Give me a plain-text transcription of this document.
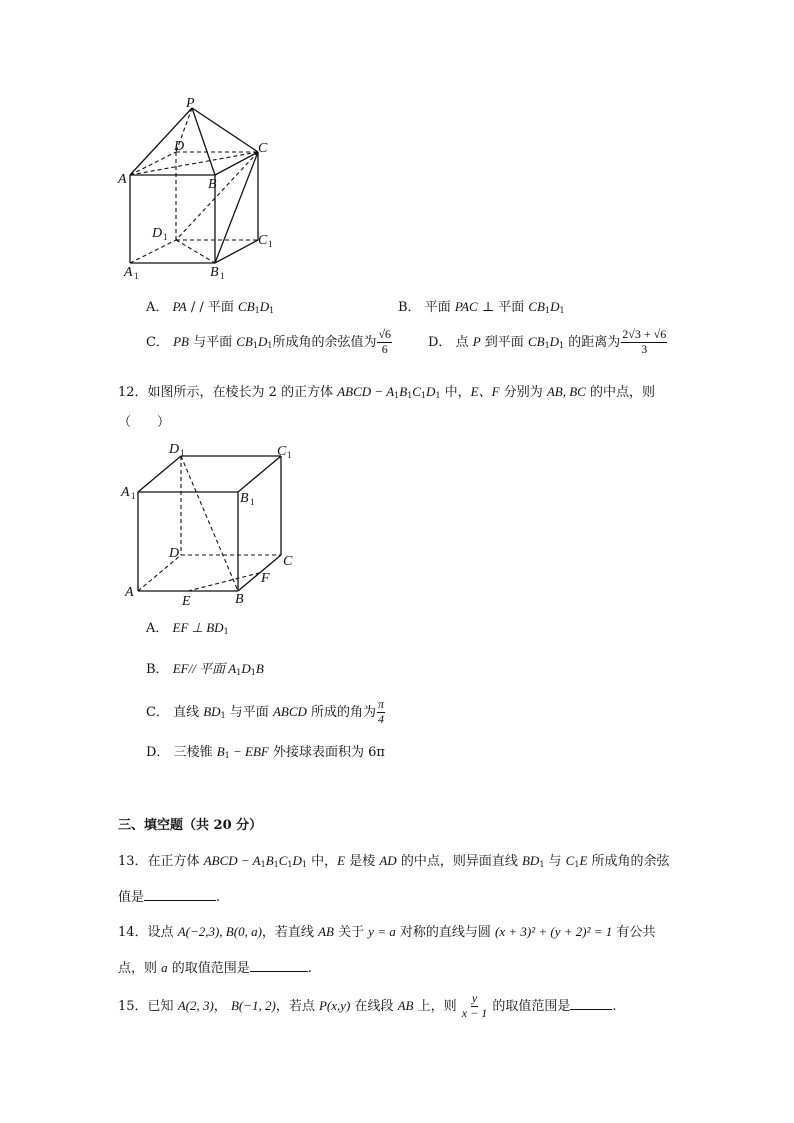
P
D	C
A	B
D 1	C 1
A 1	B 1
A． PA / / 平面 $CB_1D_1$	B． 平面 PAC ⊥ 平面 $CB_1D_1$
C． PB 与平面 $CB_1D_1$所成角的余弦值为 $\frac{√6}{6}$	D． 点 P 到平面 $CB_1D_1$ 的距离为 $\frac{2√3 + √6}{3}$
12．如图所示，在棱长为 2 的正方体 ABCD − $A_1B_1C_1D_1$ 中，E、F 分别为 AB, BC 的中点，则
（　　）
D 1	C 1
A 1	B 1
D
C
F
A
E	B
A． EF ⊥ $BD_1$
B． EF// 平面 $A_1D_1B$
C． 直线 $BD_1$ 与平面 ABCD 所成的角为 $\frac{\pi}{4}$
D． 三棱锥 $B_1$ − EBF 外接球表面积为 6π
三、填空题（共 20 分）
13．在正方体 ABCD − $A_1B_1C_1D_1$ 中，E 是棱 AD 的中点，则异面直线 $BD_1$ 与 $C_1E$ 所成角的余弦
值是	.
14．设点 A(−2,3), B(0, a)，若直线 AB 关于 y = a 对称的直线与圆 (x + 3)² + (y + 2)² = 1 有公共
点，则 a 的取值范围是	.
15．已知 A(2, 3)， B(−1, 2)，若点 P(x,y) 在线段 AB 上，则 $\frac{y}{x - 1}$ 的取值范围是	.
